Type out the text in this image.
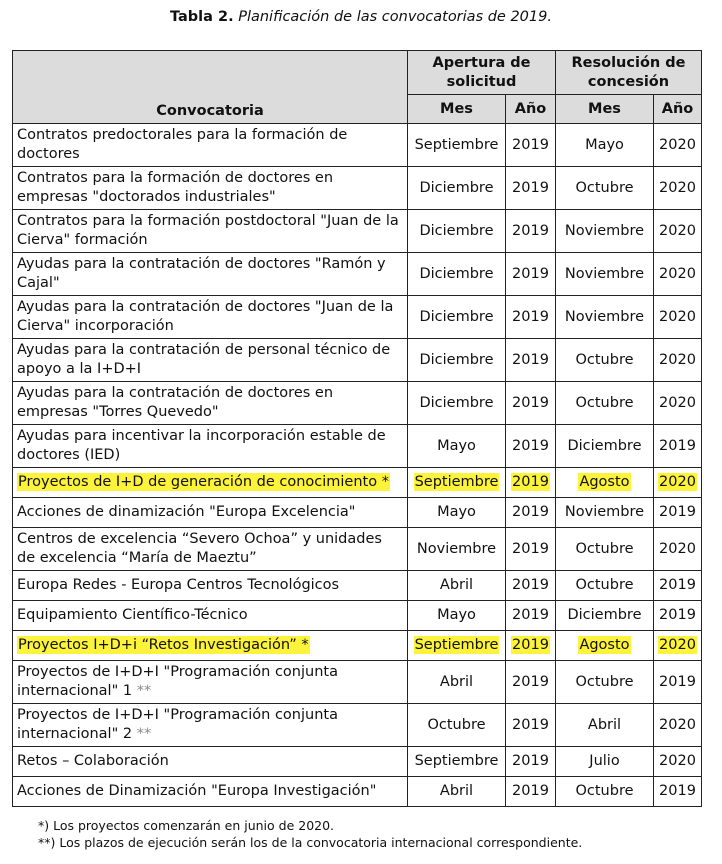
Tabla 2. Planificación de las convocatorias de 2019.
Convocatoria	Apertura de solicitud		Resolución de concesión	
	Mes	Año	Mes	Año
Contratos predoctorales para la formación de doctores	Septiembre	2019	Mayo	2020
Contratos para la formación de doctores en empresas "doctorados industriales"	Diciembre	2019	Octubre	2020
Contratos para la formación postdoctoral "Juan de la Cierva" formación	Diciembre	2019	Noviembre	2020
Ayudas para la contratación de doctores "Ramón y Cajal"	Diciembre	2019	Noviembre	2020
Ayudas para la contratación de doctores "Juan de la Cierva" incorporación	Diciembre	2019	Noviembre	2020
Ayudas para la contratación de personal técnico de apoyo a la I+D+I	Diciembre	2019	Octubre	2020
Ayudas para la contratación de doctores en empresas "Torres Quevedo"	Diciembre	2019	Octubre	2020
Ayudas para incentivar la incorporación estable de doctores (IED)	Mayo	2019	Diciembre	2019
Proyectos de I+D de generación de conocimiento *	Septiembre	2019	Agosto	2020
Acciones de dinamización "Europa Excelencia"	Mayo	2019	Noviembre	2019
Centros de excelencia “Severo Ochoa” y unidades de excelencia “María de Maeztu”	Noviembre	2019	Octubre	2020
Europa Redes - Europa Centros Tecnológicos	Abril	2019	Octubre	2019
Equipamiento Científico-Técnico	Mayo	2019	Diciembre	2019
Proyectos I+D+i “Retos Investigación” *	Septiembre	2019	Agosto	2020
Proyectos de I+D+I "Programación conjunta internacional" 1 **	Abril	2019	Octubre	2019
Proyectos de I+D+I "Programación conjunta internacional" 2 **	Octubre	2019	Abril	2020
Retos – Colaboración	Septiembre	2019	Julio	2020
Acciones de Dinamización "Europa Investigación"	Abril	2019	Octubre	2019
*) Los proyectos comenzarán en junio de 2020.
**) Los plazos de ejecución serán los de la convocatoria internacional correspondiente.
